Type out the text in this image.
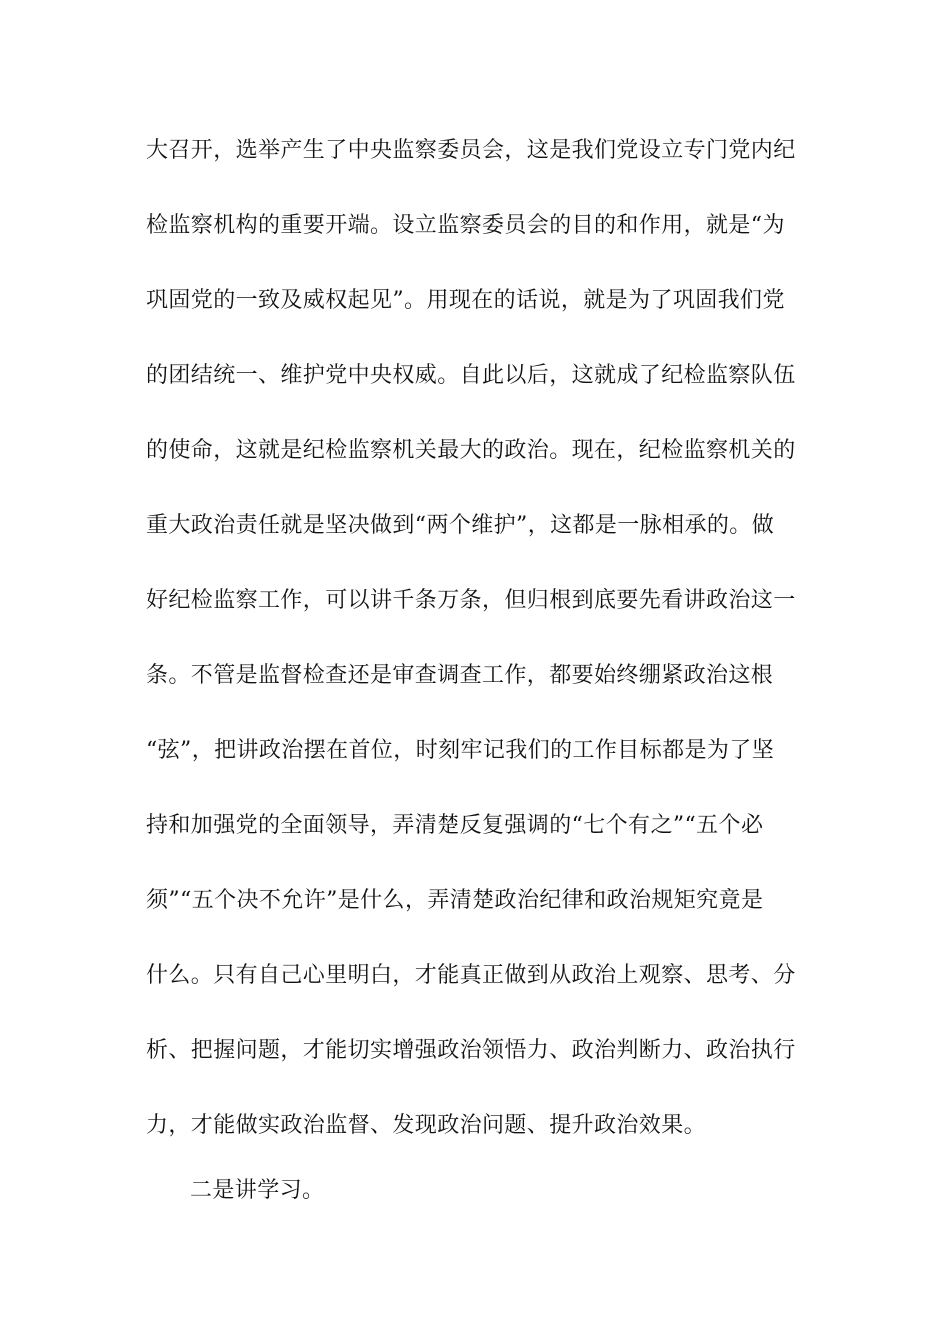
大召开，选举产生了中央监察委员会，这是我们党设立专门党内纪
检监察机构的重要开端。设立监察委员会的目的和作用，就是“为
巩固党的一致及威权起见”。用现在的话说，就是为了巩固我们党
的团结统一、维护党中央权威。自此以后，这就成了纪检监察队伍
的使命，这就是纪检监察机关最大的政治。现在，纪检监察机关的
重大政治责任就是坚决做到“两个维护”，这都是一脉相承的。做
好纪检监察工作，可以讲千条万条，但归根到底要先看讲政治这一
条。不管是监督检查还是审查调查工作，都要始终绷紧政治这根
“弦”，把讲政治摆在首位，时刻牢记我们的工作目标都是为了坚
持和加强党的全面领导，弄清楚反复强调的“七个有之”“五个必
须”“五个决不允许”是什么，弄清楚政治纪律和政治规矩究竟是
什么。只有自己心里明白，才能真正做到从政治上观察、思考、分
析、把握问题，才能切实增强政治领悟力、政治判断力、政治执行
力，才能做实政治监督、发现政治问题、提升政治效果。
二是讲学习。
